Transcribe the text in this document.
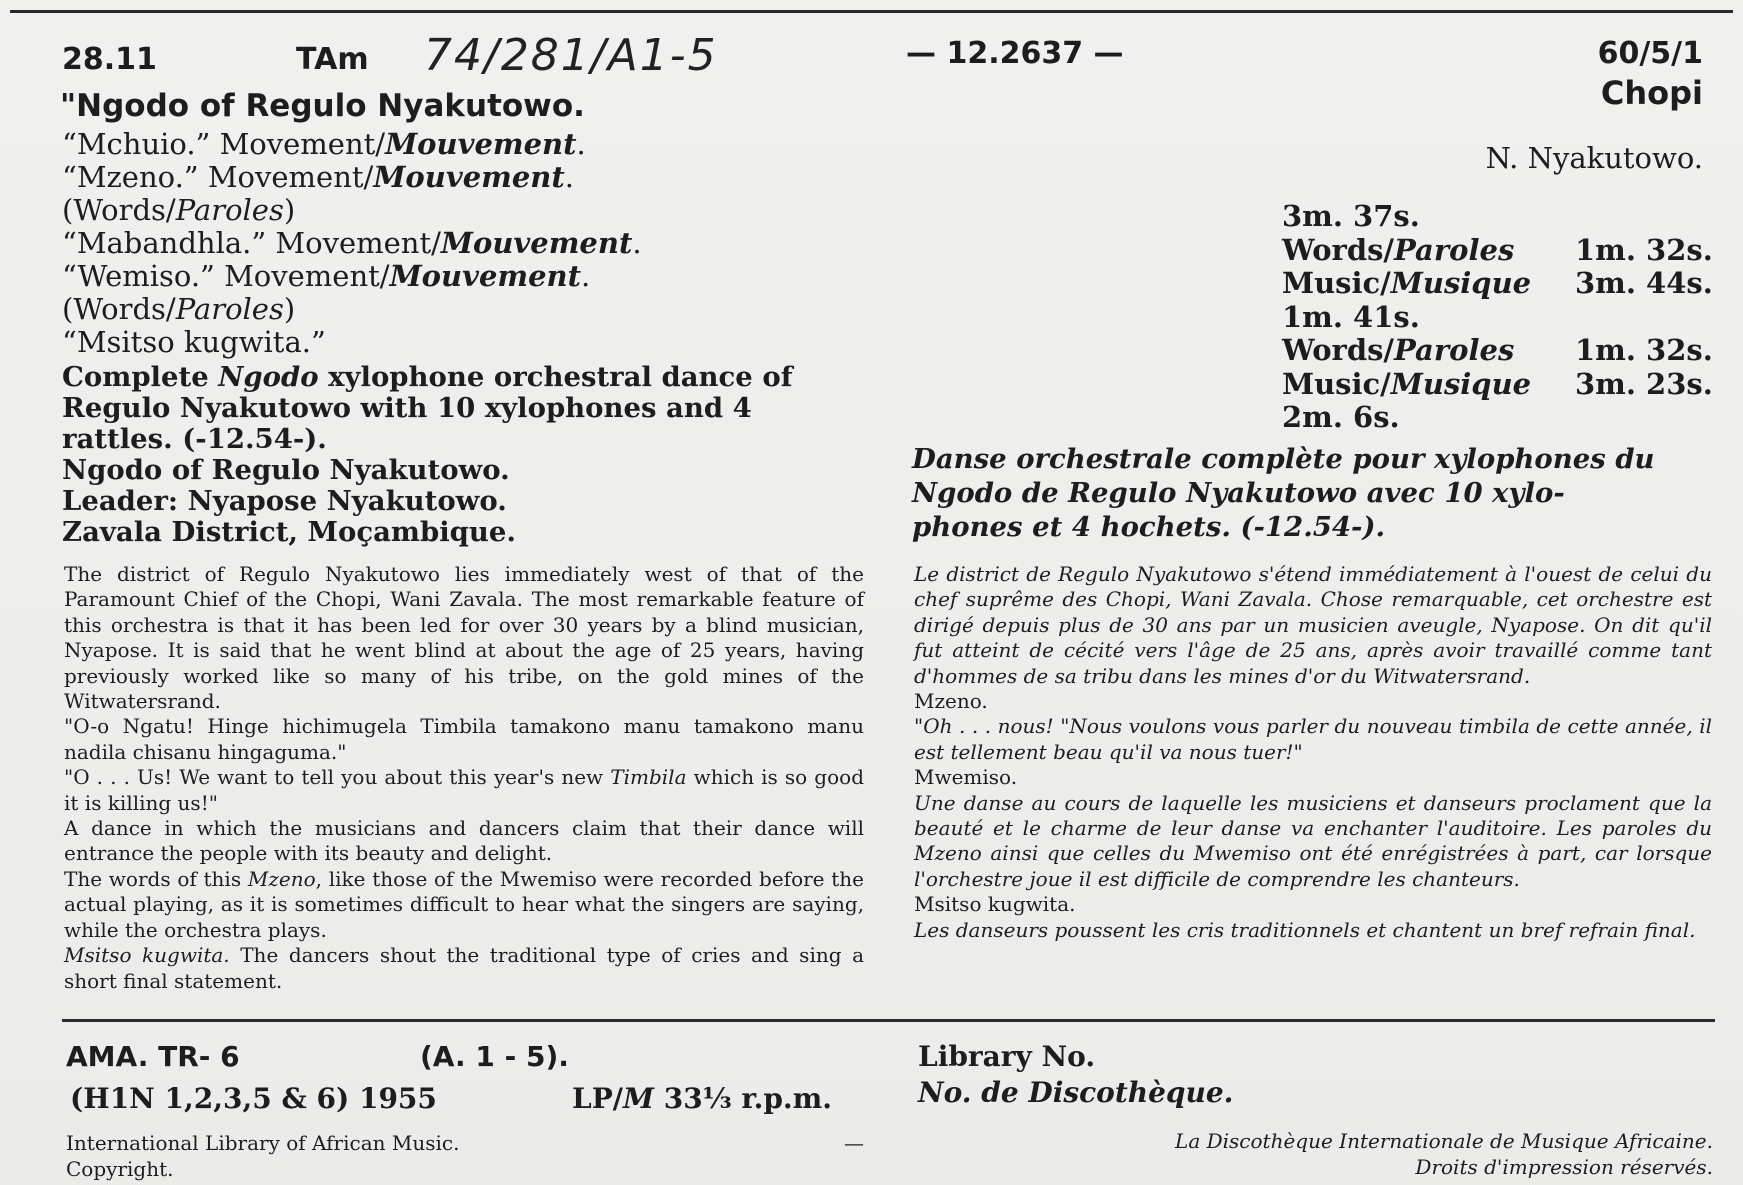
28.11	TAm 74/281/A1-5	— 12.2637 —	60/5/1
Chopi
"Ngodo of Regulo Nyakutowo.
N. Nyakutowo.
“Mchuio.” Movement/Mouvement.
“Mzeno.” Movement/Mouvement.
(Words/Paroles)
“Mabandhla.” Movement/Mouvement.
“Wemiso.” Movement/Mouvement.
(Words/Paroles)
“Msitso kugwita.”
3m. 37s.
Words/Paroles 1m. 32s.
Music/Musique 3m. 44s.
1m. 41s.
Words/Paroles 1m. 32s.
Music/Musique 3m. 23s.
2m. 6s.
Complete Ngodo xylophone orchestral dance of
Regulo Nyakutowo with 10 xylophones and 4
rattles. (-12.54-).
Ngodo of Regulo Nyakutowo.
Leader: Nyapose Nyakutowo.
Zavala District, Moçambique.
Danse orchestrale complète pour xylophones du
Ngodo de Regulo Nyakutowo avec 10 xylo-
phones et 4 hochets. (-12.54-).

The district of Regulo Nyakutowo lies immediately west of that of the Paramount Chief of the Chopi, Wani Zavala. The most remarkable feature of this orchestra is that it has been led for over 30 years by a blind musician, Nyapose. It is said that he went blind at about the age of 25 years, having previously worked like so many of his tribe, on the gold mines of the Witwatersrand.

"O-o Ngatu! Hinge hichimugela Timbila tamakono manu tamakono manu nadila chisanu hingaguma."

"O . . . Us! We want to tell you about this year's new Timbila which is so good it is killing us!"

A dance in which the musicians and dancers claim that their dance will entrance the people with its beauty and delight.

The words of this Mzeno, like those of the Mwemiso were recorded before the actual playing, as it is sometimes difficult to hear what the singers are saying, while the orchestra plays.

Msitso kugwita. The dancers shout the traditional type of cries and sing a short final statement.

Le district de Regulo Nyakutowo s'étend immédiatement à l'ouest de celui du chef suprême des Chopi, Wani Zavala. Chose remarquable, cet orchestre est dirigé depuis plus de 30 ans par un musicien aveugle, Nyapose. On dit qu'il fut atteint de cécité vers l'âge de 25 ans, après avoir travaillé comme tant d'hommes de sa tribu dans les mines d'or du Witwatersrand.

Mzeno.

"Oh . . . nous! "Nous voulons vous parler du nouveau timbila de cette année, il est tellement beau qu'il va nous tuer!"

Mwemiso.

Une danse au cours de laquelle les musiciens et danseurs proclament que la beauté et le charme de leur danse va enchanter l'auditoire. Les paroles du Mzeno ainsi que celles du Mwemiso ont été enrégistrées à part, car lorsque l'orchestre joue il est difficile de comprendre les chanteurs.

Msitso kugwita.

Les danseurs poussent les cris traditionnels et chantent un bref refrain final.

AMA. TR- 6	(A. 1 - 5).
(H1N 1,2,3,5 & 6) 1955	LP/M 33⅓ r.p.m.
Library No.
No. de Discothèque.
International Library of African Music.
Copyright.
—	La Discothèque Internationale de Musique Africaine.
Droits d'impression réservés.
